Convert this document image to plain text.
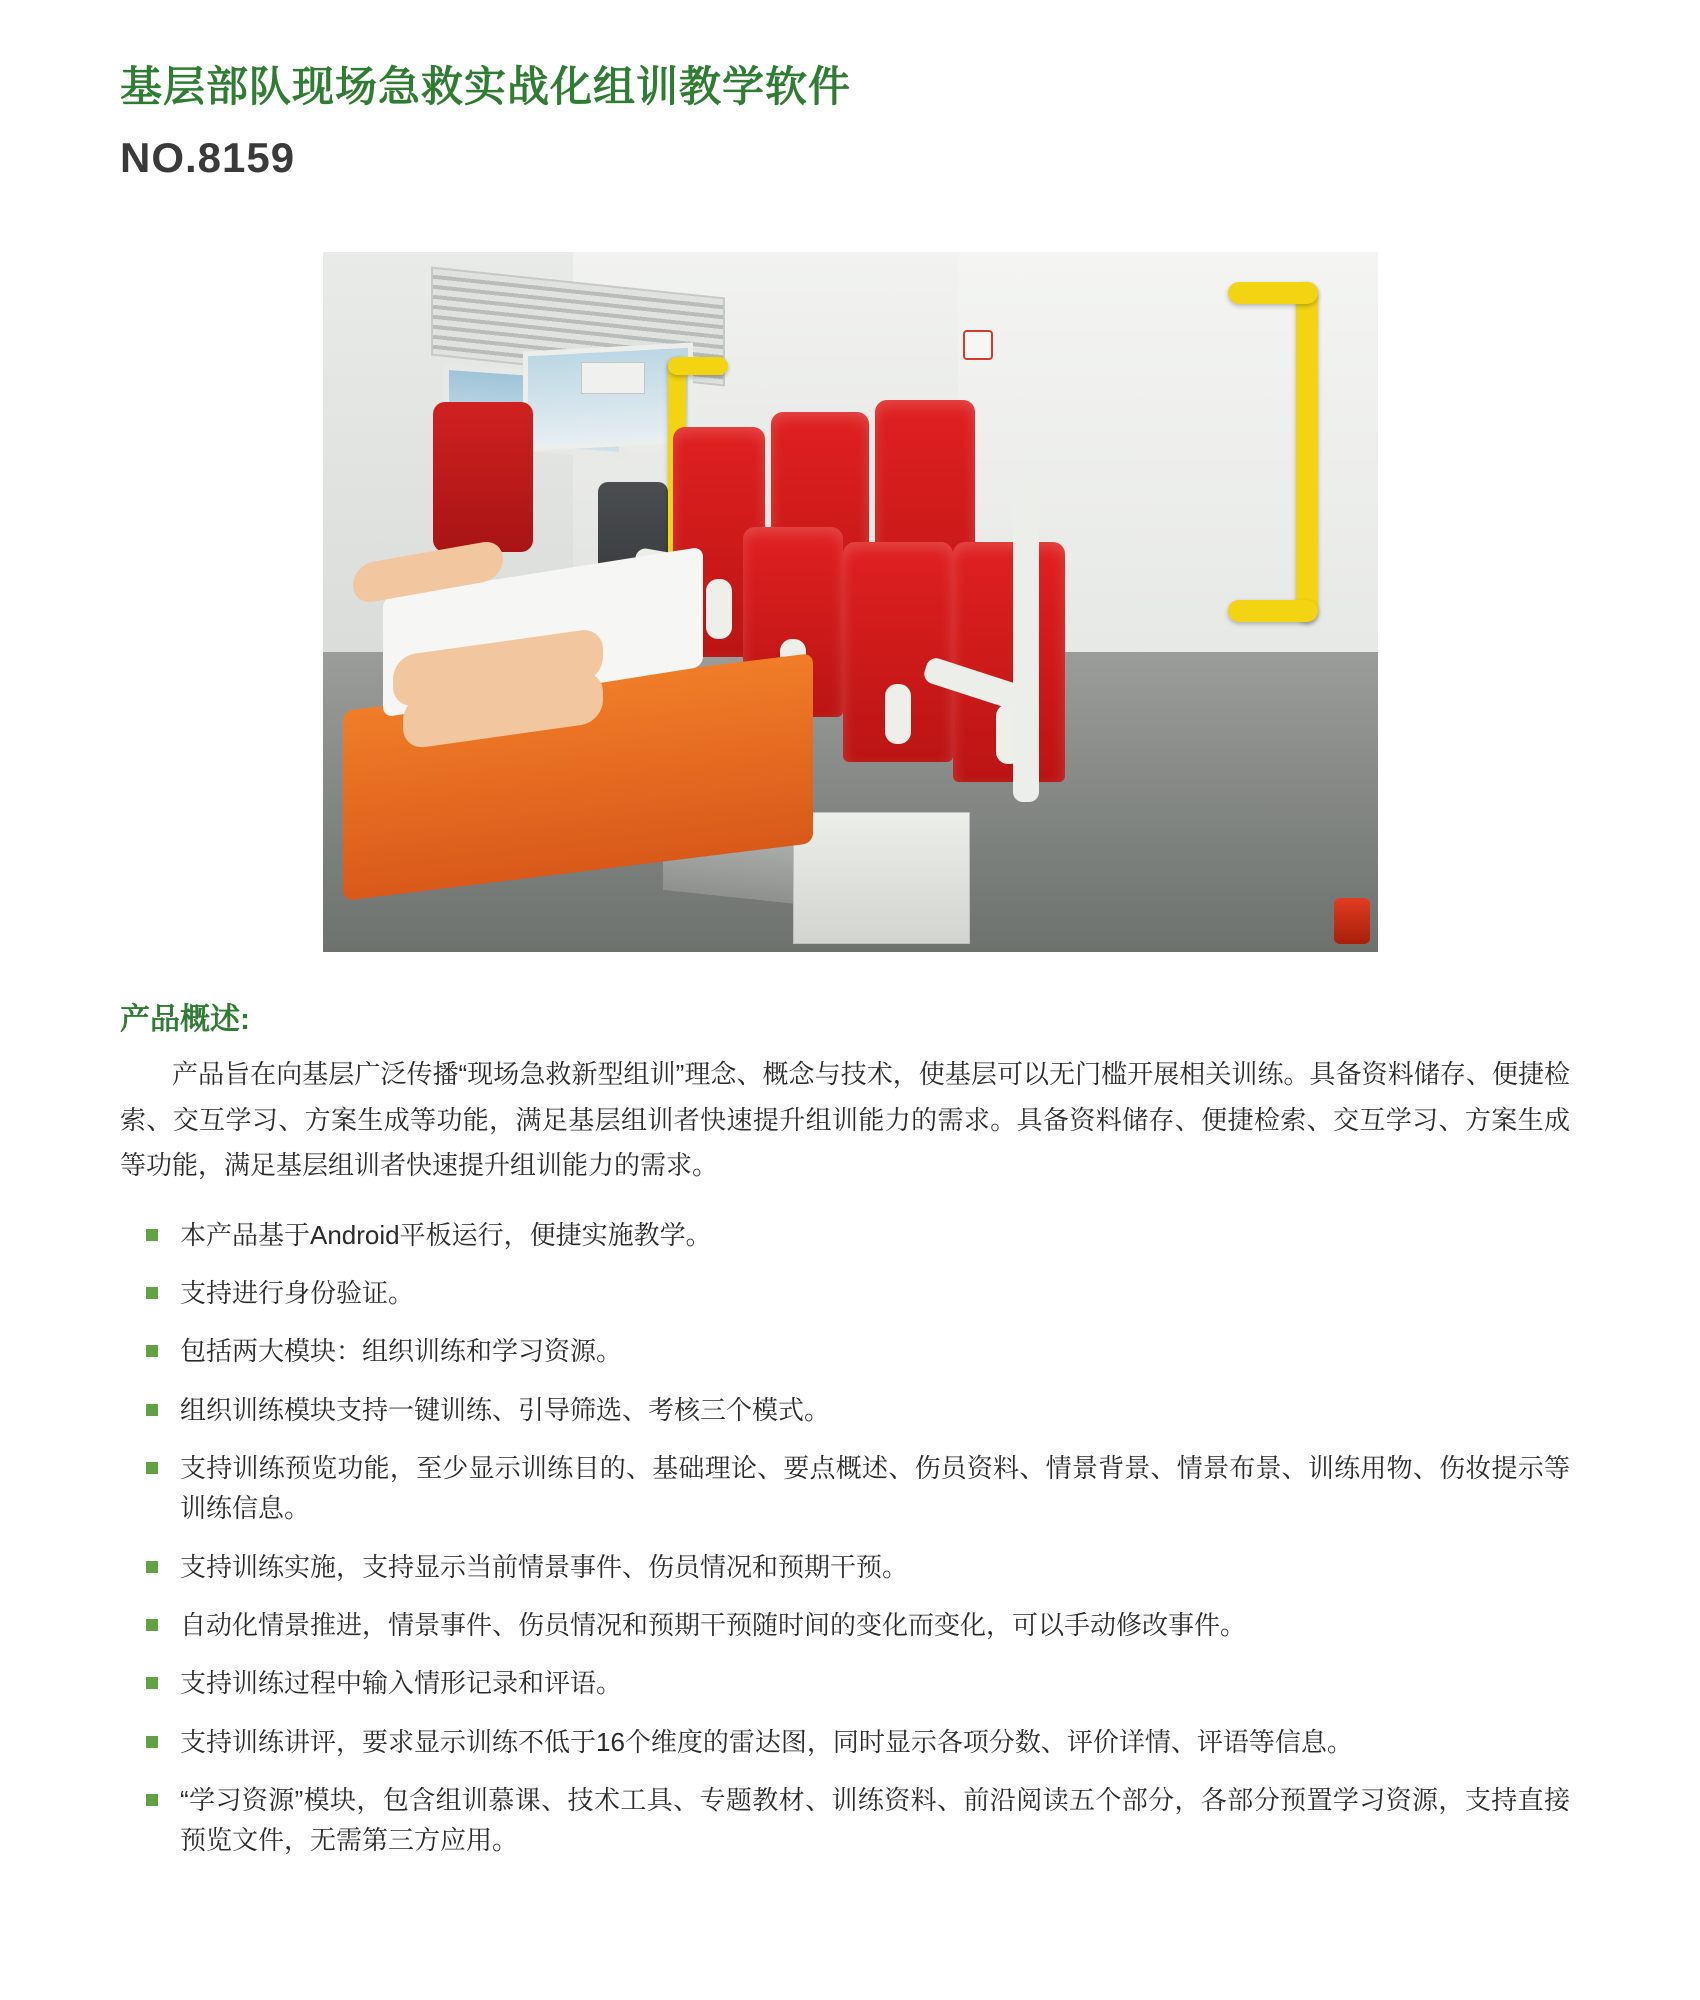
基层部队现场急救实战化组训教学软件
NO.8159
产品概述:

产品旨在向基层广泛传播“现场急救新型组训”理念、概念与技术，使基层可以无门槛开展相关训练。具备资料储存、便捷检索、交互学习、方案生成等功能，满足基层组训者快速提升组训能力的需求。具备资料储存、便捷检索、交互学习、方案生成等功能，满足基层组训者快速提升组训能力的需求。

本产品基于Android平板运行，便捷实施教学。
支持进行身份验证。
包括两大模块：组织训练和学习资源。
组织训练模块支持一键训练、引导筛选、考核三个模式。
支持训练预览功能，至少显示训练目的、基础理论、要点概述、伤员资料、情景背景、情景布景、训练用物、伤妆提示等训练信息。
支持训练实施，支持显示当前情景事件、伤员情况和预期干预。
自动化情景推进，情景事件、伤员情况和预期干预随时间的变化而变化，可以手动修改事件。
支持训练过程中输入情形记录和评语。
支持训练讲评，要求显示训练不低于16个维度的雷达图，同时显示各项分数、评价详情、评语等信息。
“学习资源”模块，包含组训慕课、技术工具、专题教材、训练资料、前沿阅读五个部分，各部分预置学习资源，支持直接预览文件，无需第三方应用。
